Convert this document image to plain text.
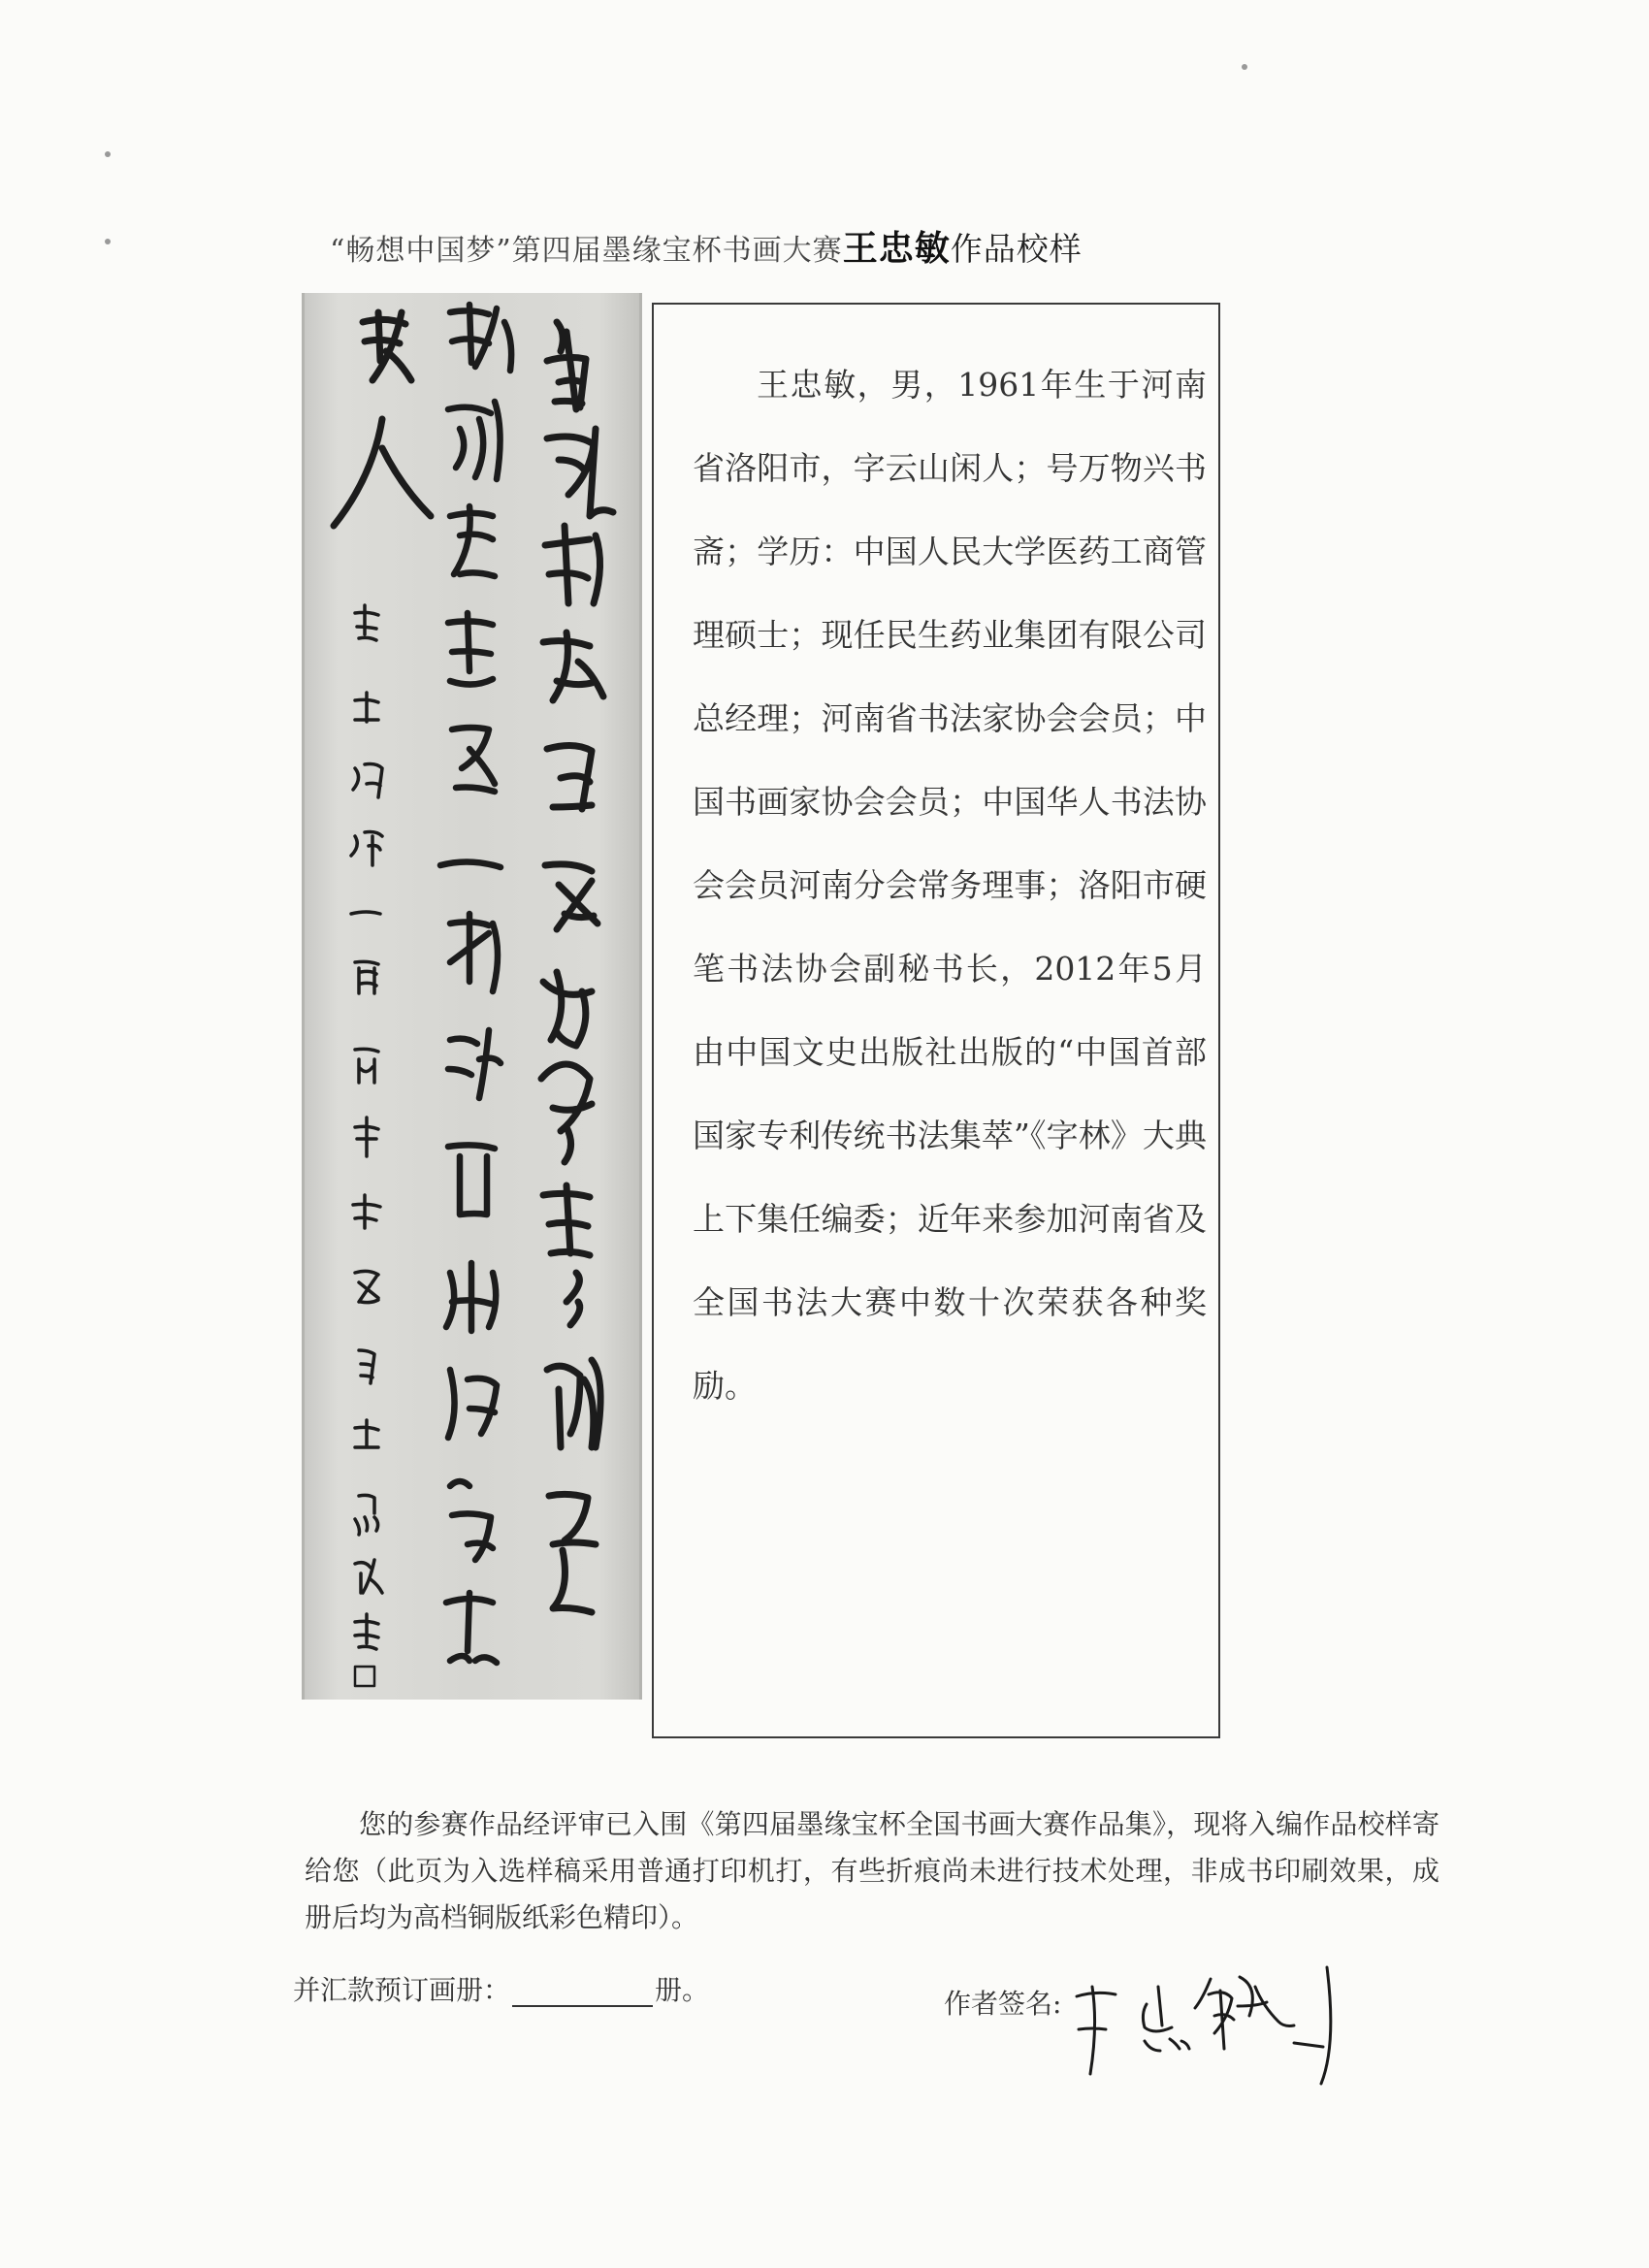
“畅想中国梦”第四届墨缘宝杯书画大赛王忠敏作品校样
王忠敏，男，1961年生于河南省洛阳市，字云山闲人；号万物兴书斋；学历：中国人民大学医药工商管理硕士；现任民生药业集团有限公司总经理；河南省书法家协会会员；中国书画家协会会员；中国华人书法协会会员河南分会常务理事；洛阳市硬笔书法协会副秘书长，2012年5月由中国文史出版社出版的“中国首部国家专利传统书法集萃”《字林》大典上下集任编委；近年来参加河南省及全国书法大赛中数十次荣获各种奖励。
您的参赛作品经评审已入围《第四届墨缘宝杯全国书画大赛作品集》，现将入编作品校样寄给您（此页为入选样稿采用普通打印机打，有些折痕尚未进行技术处理，非成书印刷效果，成册后均为高档铜版纸彩色精印）。
并汇款预订画册：	册。	作者签名:
